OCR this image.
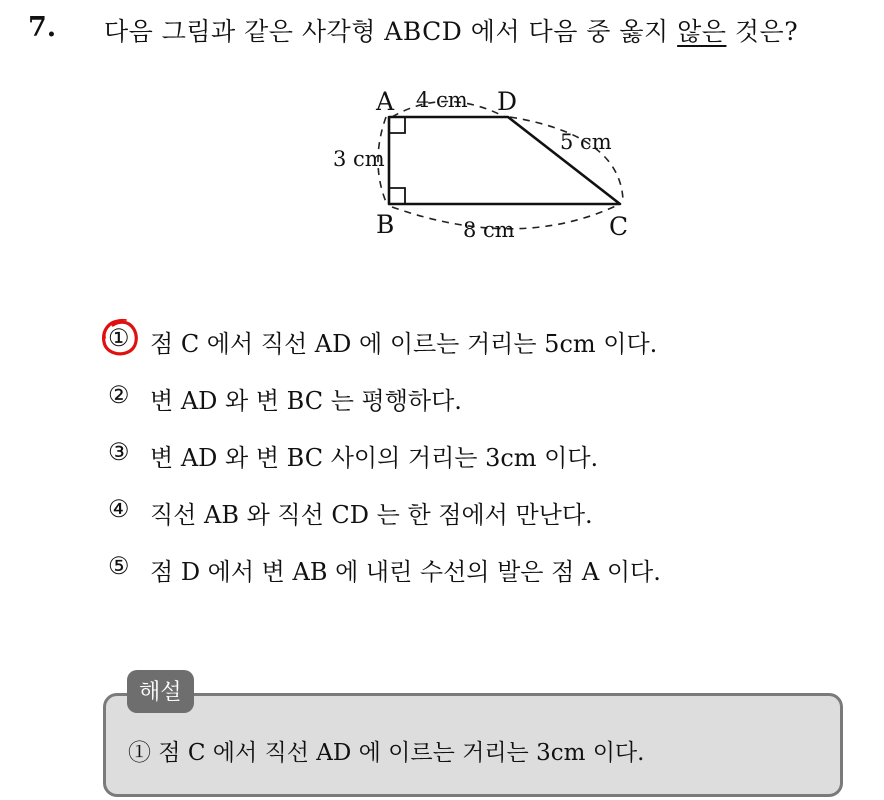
7. 다음 그림과 같은 사각형 ABCD 에서 다음 중 옳지 않은 것은?
A	D
B	C
4 cm
5 cm
3 cm
8 cm
① 점 C 에서 직선 AD 에 이르는 거리는 5cm 이다.
② 변 AD 와 변 BC 는 평행하다.
③ 변 AD 와 변 BC 사이의 거리는 3cm 이다.
④ 직선 AB 와 직선 CD 는 한 점에서 만난다.
⑤ 점 D 에서 변 AB 에 내린 수선의 발은 점 A 이다.
해설
① 점 C 에서 직선 AD 에 이르는 거리는 3cm 이다.
